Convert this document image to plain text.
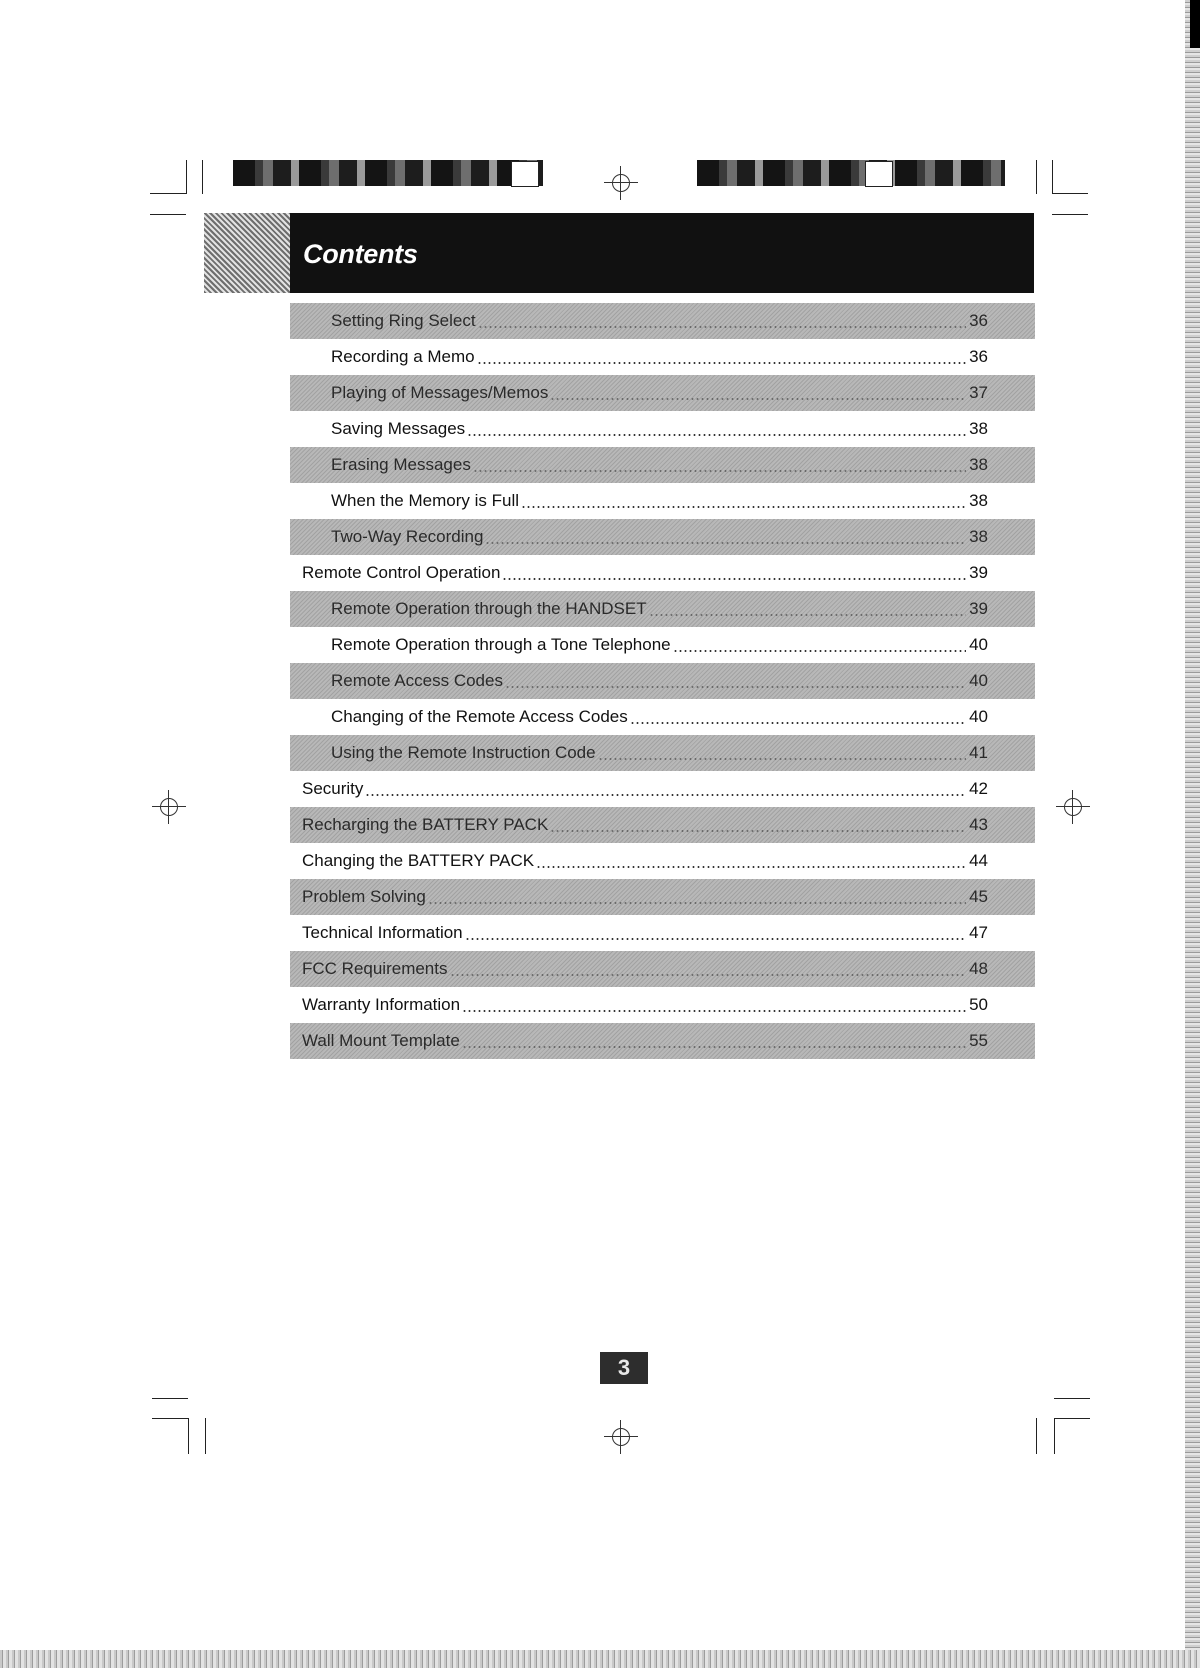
Contents
Setting Ring Select	36
Recording a Memo	36
Playing of Messages/Memos	37
Saving Messages	38
Erasing Messages	38
When the Memory is Full	38
Two-Way Recording	38
Remote Control Operation	39
Remote Operation through the HANDSET	39
Remote Operation through a Tone Telephone	40
Remote Access Codes	40
Changing of the Remote Access Codes	40
Using the Remote Instruction Code	41
Security	42
Recharging the BATTERY PACK	43
Changing the BATTERY PACK	44
Problem Solving	45
Technical Information	47
FCC Requirements	48
Warranty Information	50
Wall Mount Template	55
3
